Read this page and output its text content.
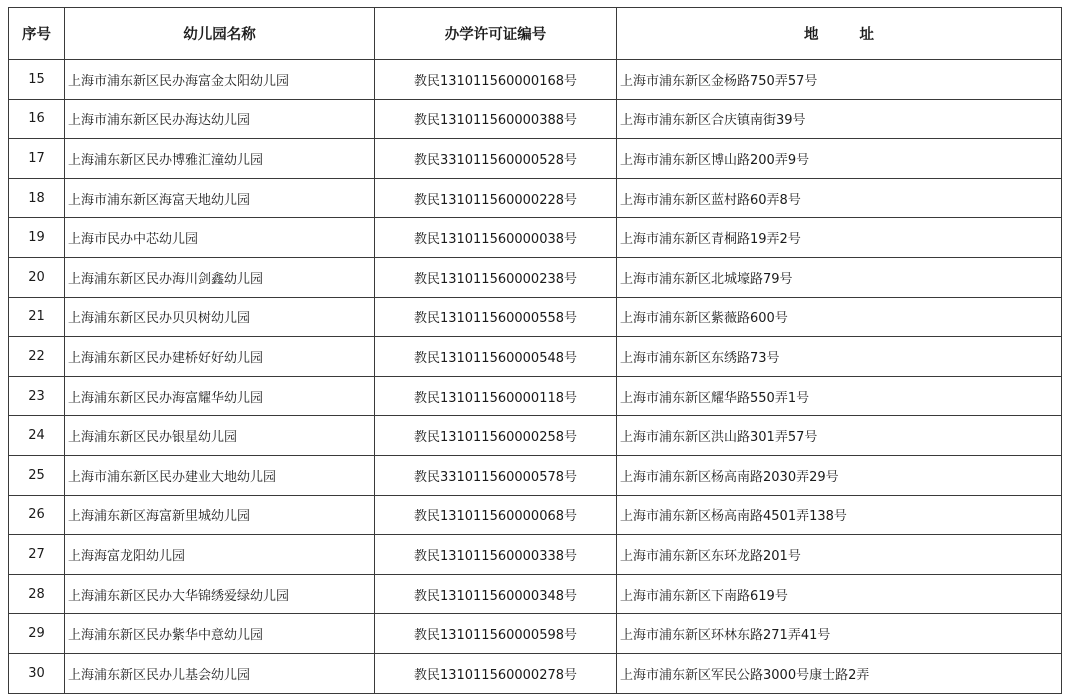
序号	幼儿园名称	办学许可证编号	地 址
15	上海市浦东新区民办海富金太阳幼儿园	教民131011560000168号	上海市浦东新区金杨路750弄57号
16	上海市浦东新区民办海达幼儿园	教民131011560000388号	上海市浦东新区合庆镇南街39号
17	上海浦东新区民办博雅汇潼幼儿园	教民331011560000528号	上海市浦东新区博山路200弄9号
18	上海市浦东新区海富天地幼儿园	教民131011560000228号	上海市浦东新区蓝村路60弄8号
19	上海市民办中芯幼儿园	教民131011560000038号	上海市浦东新区青桐路19弄2号
20	上海浦东新区民办海川剑鑫幼儿园	教民131011560000238号	上海市浦东新区北城壕路79号
21	上海浦东新区民办贝贝树幼儿园	教民131011560000558号	上海市浦东新区紫薇路600号
22	上海浦东新区民办建桥好好幼儿园	教民131011560000548号	上海市浦东新区东绣路73号
23	上海浦东新区民办海富耀华幼儿园	教民131011560000118号	上海市浦东新区耀华路550弄1号
24	上海浦东新区民办银星幼儿园	教民131011560000258号	上海市浦东新区洪山路301弄57号
25	上海市浦东新区民办建业大地幼儿园	教民331011560000578号	上海市浦东新区杨高南路2030弄29号
26	上海浦东新区海富新里城幼儿园	教民131011560000068号	上海市浦东新区杨高南路4501弄138号
27	上海海富龙阳幼儿园	教民131011560000338号	上海市浦东新区东环龙路201号
28	上海浦东新区民办大华锦绣爱绿幼儿园	教民131011560000348号	上海市浦东新区下南路619号
29	上海浦东新区民办紫华中意幼儿园	教民131011560000598号	上海市浦东新区环林东路271弄41号
30	上海浦东新区民办儿基会幼儿园	教民131011560000278号	上海市浦东新区军民公路3000号康士路2弄
